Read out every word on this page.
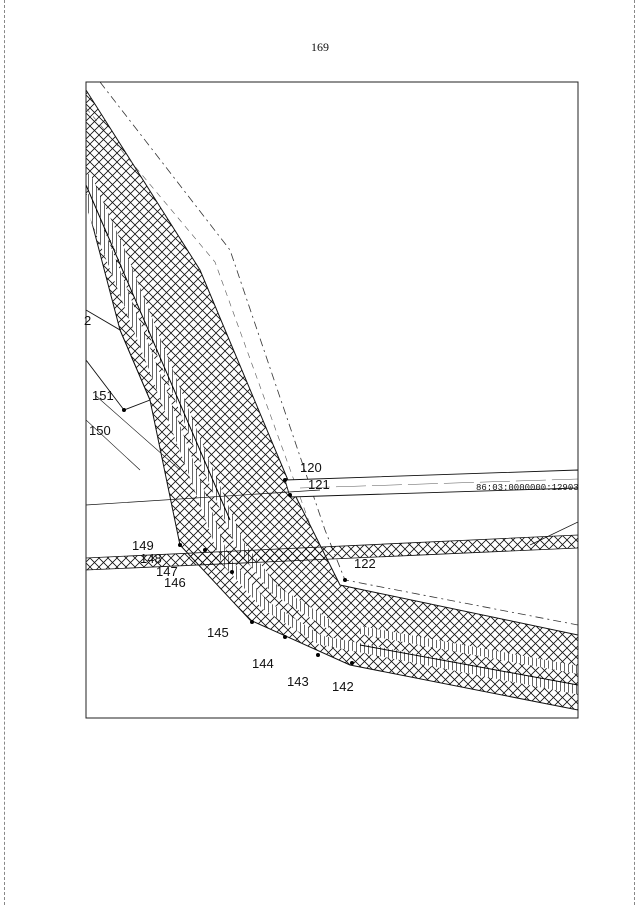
169
2
151
150
149
148
147
146
145
144
143 142
122
121
120
86:03:0000000:12903
